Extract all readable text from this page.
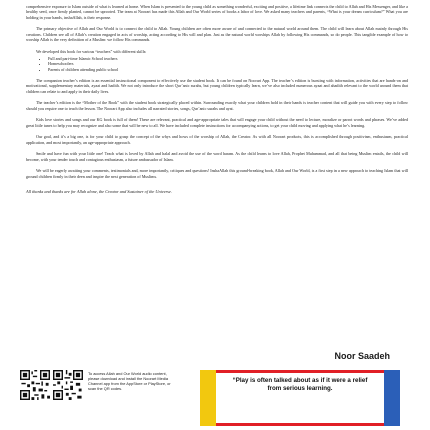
comprehensive exposure to Islam outside of what is learned at home. When Islam is presented to the young child as something wonderful, exciting and positive, a lifetime link connects the child to Allah and His Messenger, and like a healthy seed, once firmly planted, cannot be uprooted. The team at Noorart has made this Allah and Our World series of books a labor of love. We asked many teachers and parents, “What is your dream curriculum?” What you are holding in your hands, inshaAllah, is their response.

The primary objective of Allah and Our World is to connect the child to Allah. Young children are often more aware of and connected to the natural world around them. The child will learn about Allah mainly through His creations. Children see all of Allah’s creation engaged in acts of worship, acting according to His will and plan. Just as the natural world worships Allah by following His commands, so do people. This tangible example of how to worship Allah is the very definition of a Muslim: we follow His commands.

We developed this book for various “teachers” with different skills:

• Full and part-time Islamic School teachers
• Homeschoolers
• Parents of children attending public school

The companion teacher’s edition is an essential instructional component to effectively use the student book. It can be found on Noorart App. The teacher’s edition is bursting with information, activities that are hands-on and motivational, supplementary materials, ayaat and hadith. We not only introduce the short Qur’anic surahs, but young children typically learn, we’ve also included numerous ayaat and ahadith relevant to the world around them that children can relate to and apply in their daily lives.

The teacher’s edition is the “Mother of the Book” with the student book strategically placed within. Surrounding exactly what your children hold in their hands is teacher content that will guide you with every step to follow should you require one to teach the lesson. The Noorart App also includes all narrated stories, songs, Qur’anic surahs and ayat.

Kids love stories and songs and our KG book is full of them! These are relevant, practical and age-appropriate tales that will engage your child without the need to lecture, moralize or parrot words and phrases. We’ve added great little tunes to help you may recognize and also some that will be new to all. We have included complete instructions for accompanying actions, to get your child moving and applying what he’s learning.

Our goal, and it’s a big one, is for your child to grasp the concept of the whys and hows of the worship of Allah, the Creator. As with all Noorart products, this is accomplished through positivism, enthusiasm, practical application, and most importantly, an age-appropriate approach.

Smile and have fun with your little one! Teach what is loved by Allah and halal and avoid the use of the word haram. As the child learns to love Allah, Prophet Muhammad, and all that being Muslim entails, the child will become, with your tender touch and contagious enthusiasm, a future ambassador of Islam.

We will be eagerly awaiting your comments, testimonials and, more importantly, critiques and questions! InshaAllah this ground-breaking book, Allah and Our World, is a first step in a new approach to teaching Islam that will ground children firmly in their deen and inspire the next generation of Muslims.

All thanks and thanks are for Allah alone, the Creator and Sustainer of the Universe.

Noor Saadeh
To access Allah and Our World audio content, please download and install the Noorart Media Channel app from the AppStore or PlayStore, or scan the QR codes.
“Play is often talked about as if it were a relief from serious learning.
